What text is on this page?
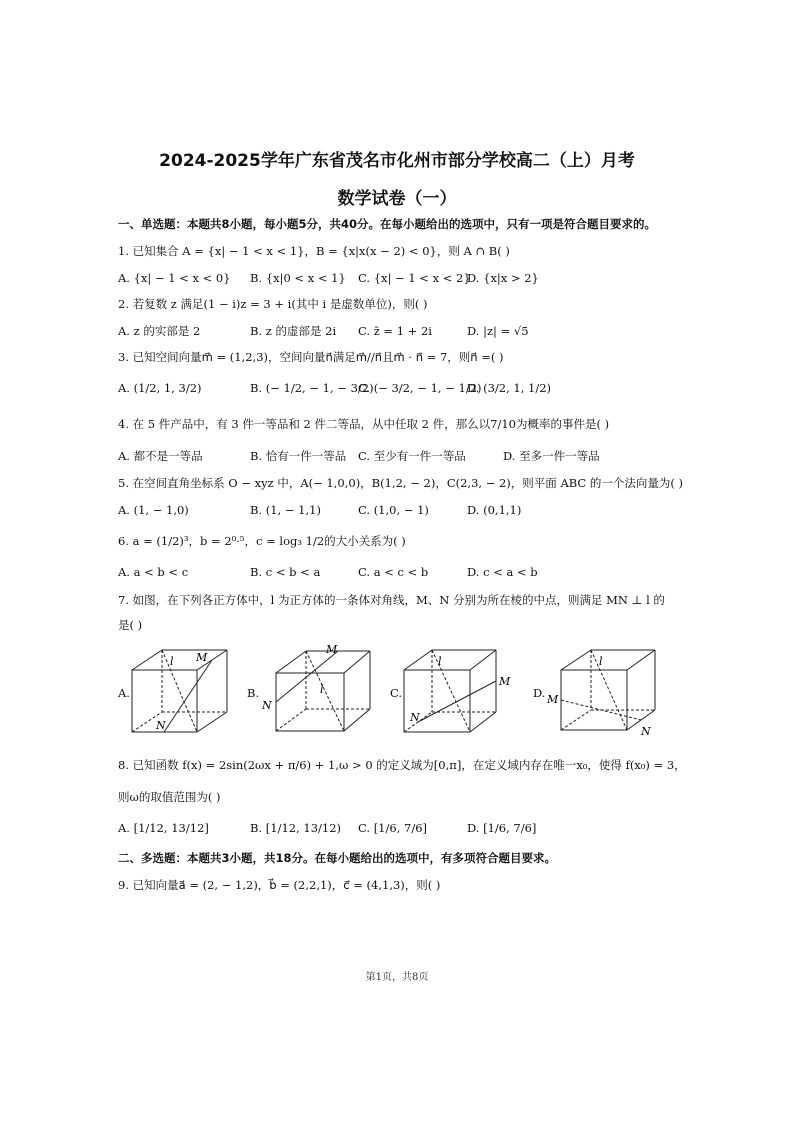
2024-2025学年广东省茂名市化州市部分学校高二（上）月考
数学试卷（一）
一、单选题：本题共8小题，每小题5分，共40分。在每小题给出的选项中，只有一项是符合题目要求的。
1. 已知集合 A = {x| − 1 < x < 1}，B = {x|x(x − 2) < 0}，则 A ∩ B( )
A. {x| − 1 < x < 0} B. {x|0 < x < 1} C. {x| − 1 < x < 2}
D. {x|x > 2}
2. 若复数 z 满足(1 − i)z = 3 + i(其中 i 是虚数单位)，则( )
A. z 的实部是 2	B. z 的虚部是 2i C. z̄ = 1 + 2i	D. |z| = √5
3. 已知空间向量m⃗ = (1,2,3)，空间向量n⃗满足m⃗//n⃗且m⃗ · n⃗ = 7，则n⃗ =( )
A. (1/2, 1, 3/2)	B. (− 1/2, − 1, − 3/2)
C. (− 3/2, − 1, − 1/2)
D. (3/2, 1, 1/2)
4. 在 5 件产品中，有 3 件一等品和 2 件二等品，从中任取 2 件，那么以7/10为概率的事件是( )
A. 都不是一等品	B. 恰有一件一等品 C. 至少有一件一等品	D. 至多一件一等品
5. 在空间直角坐标系 O − xyz 中，A(− 1,0,0)，B(1,2, − 2)，C(2,3, − 2)，则平面 ABC 的一个法向量为( )
A. (1, − 1,0)	B. (1, − 1,1)	C. (1,0, − 1)	D. (0,1,1)
6. a = (1/2)³，b = 2⁰·⁵，c = log₃ 1/2的大小关系为( )
A. a < b < c	B. c < b < a	C. a < c < b	D. c < a < b
7. 如图，在下列各正方体中，l 为正方体的一条体对角线，M、N 分别为所在棱的中点，则满足 MN ⊥ l 的
是( )
A.
l M
N
B.
M
l
N
C.
l
M
N
D.
l
M
N
8. 已知函数 f(x) = 2sin(2ωx + π/6) + 1,ω > 0 的定义域为[0,π]，在定义域内存在唯一x₀，使得 f(x₀) = 3，
则ω的取值范围为( )
A. [1/12, 13/12]	B. [1/12, 13/12) C. [1/6, 7/6]	D. [1/6, 7/6]
二、多选题：本题共3小题，共18分。在每小题给出的选项中，有多项符合题目要求。
9. 已知向量a⃗ = (2, − 1,2)，b⃗ = (2,2,1)，c⃗ = (4,1,3)，则( )
第1页，共8页
